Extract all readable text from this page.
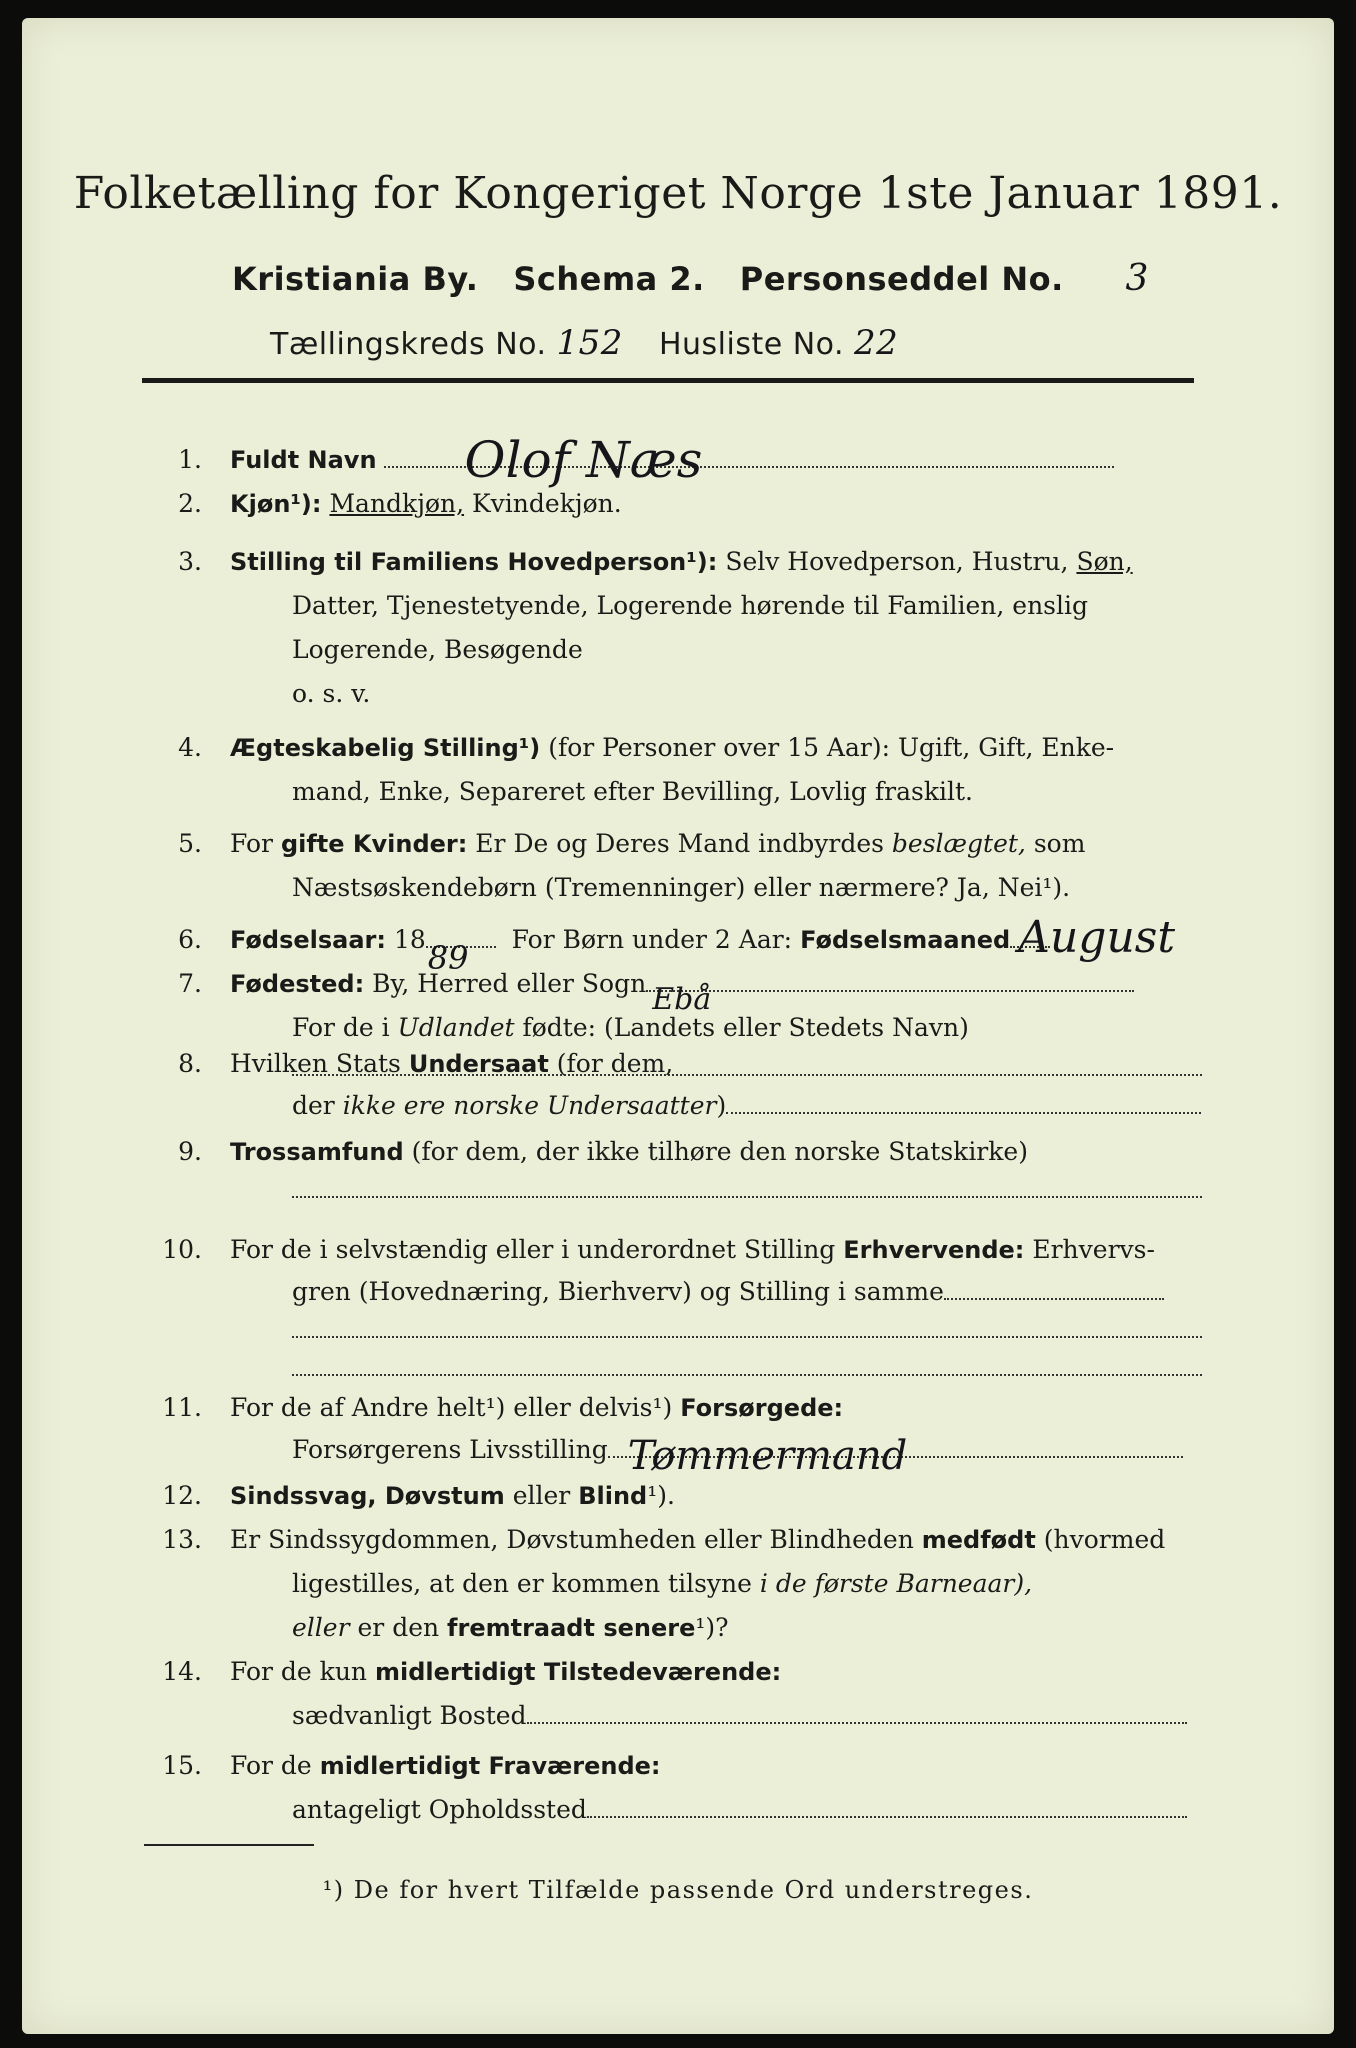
Folketælling for Kongeriget Norge 1ste Januar 1891.
Kristiania By. Schema 2. Personseddel No. 3
Tællingskreds No. 152 Husliste No. 22
1. Fuldt Navn Olof Næs
2. Kjøn¹): Mandkjøn, Kvindekjøn.
3. Stilling til Familiens Hovedperson¹): Selv Hovedperson, Hustru, Søn,
Datter, Tjenestetyende, Logerende hørende til Familien, enslig
Logerende, Besøgende
o. s. v.
4. Ægteskabelig Stilling¹) (for Personer over 15 Aar): Ugift, Gift, Enke-
mand, Enke, Separeret efter Bevilling, Lovlig fraskilt.
5. For gifte Kvinder: Er De og Deres Mand indbyrdes beslægtet, som
Næstsøskendebørn (Tremenninger) eller nærmere? Ja, Nei¹).
6. Fødselsaar: 18 89 For Børn under 2 Aar: Fødselsmaaned August
7. Fødested: By, Herred eller Sogn Ebå
For de i Udlandet fødte: (Landets eller Stedets Navn)
8. Hvilken Stats Undersaat (for dem,
der ikke ere norske Undersaatter)
9. Trossamfund (for dem, der ikke tilhøre den norske Statskirke)
10. For de i selvstændig eller i underordnet Stilling Erhvervende: Erhvervs-
gren (Hovednæring, Bierhverv) og Stilling i samme
11. For de af Andre helt¹) eller delvis¹) Forsørgede:
Forsørgerens Livsstilling Tømmermand
12. Sindssvag, Døvstum eller Blind¹).
13. Er Sindssygdommen, Døvstumheden eller Blindheden medfødt (hvormed
ligestilles, at den er kommen tilsyne i de første Barneaar),
eller er den fremtraadt senere¹)?
14. For de kun midlertidigt Tilstedeværende:
¹) De for hvert Tilfælde passende Ord understreges.
sædvanligt Bosted
15. For de midlertidigt Fraværende:
antageligt Opholdssted
